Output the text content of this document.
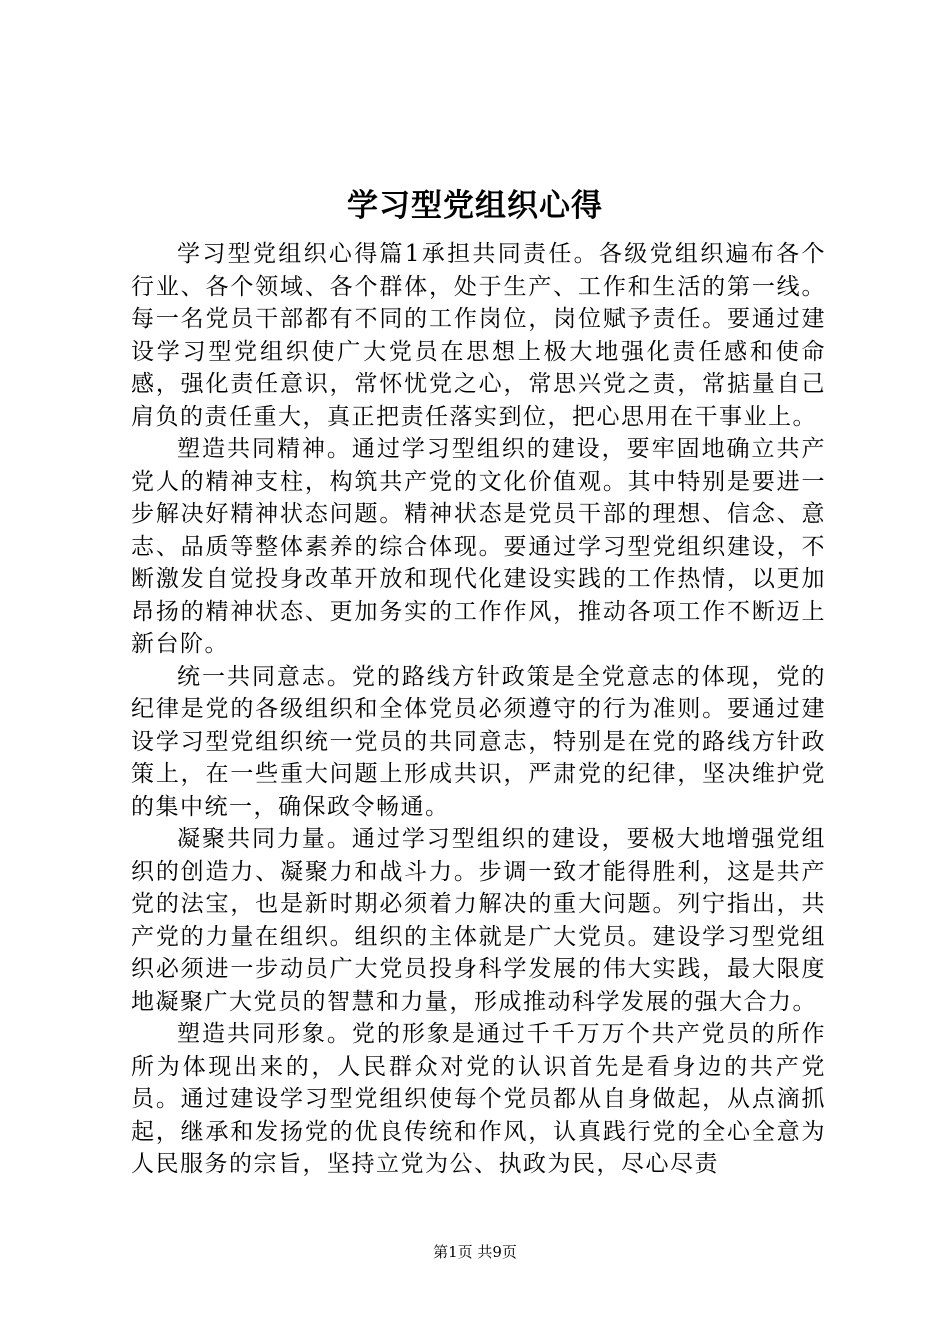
学习型党组织心得

学习型党组织心得篇1承担共同责任。各级党组织遍布各个行业、各个领域、各个群体，处于生产、工作和生活的第一线。每一名党员干部都有不同的工作岗位，岗位赋予责任。要通过建设学习型党组织使广大党员在思想上极大地强化责任感和使命感，强化责任意识，常怀忧党之心，常思兴党之责，常掂量自己肩负的责任重大，真正把责任落实到位，把心思用在干事业上。

塑造共同精神。通过学习型组织的建设，要牢固地确立共产党人的精神支柱，构筑共产党的文化价值观。其中特别是要进一步解决好精神状态问题。精神状态是党员干部的理想、信念、意志、品质等整体素养的综合体现。要通过学习型党组织建设，不断激发自觉投身改革开放和现代化建设实践的工作热情，以更加昂扬的精神状态、更加务实的工作作风，推动各项工作不断迈上新台阶。

统一共同意志。党的路线方针政策是全党意志的体现，党的纪律是党的各级组织和全体党员必须遵守的行为准则。要通过建设学习型党组织统一党员的共同意志，特别是在党的路线方针政策上，在一些重大问题上形成共识，严肃党的纪律，坚决维护党的集中统一，确保政令畅通。

凝聚共同力量。通过学习型组织的建设，要极大地增强党组织的创造力、凝聚力和战斗力。步调一致才能得胜利，这是共产党的法宝，也是新时期必须着力解决的重大问题。列宁指出，共产党的力量在组织。组织的主体就是广大党员。建设学习型党组织必须进一步动员广大党员投身科学发展的伟大实践，最大限度地凝聚广大党员的智慧和力量，形成推动科学发展的强大合力。

塑造共同形象。党的形象是通过千千万万个共产党员的所作所为体现出来的，人民群众对党的认识首先是看身边的共产党员。通过建设学习型党组织使每个党员都从自身做起，从点滴抓起，继承和发扬党的优良传统和作风，认真践行党的全心全意为人民服务的宗旨，坚持立党为公、执政为民，尽心尽责

第1页 共9页
